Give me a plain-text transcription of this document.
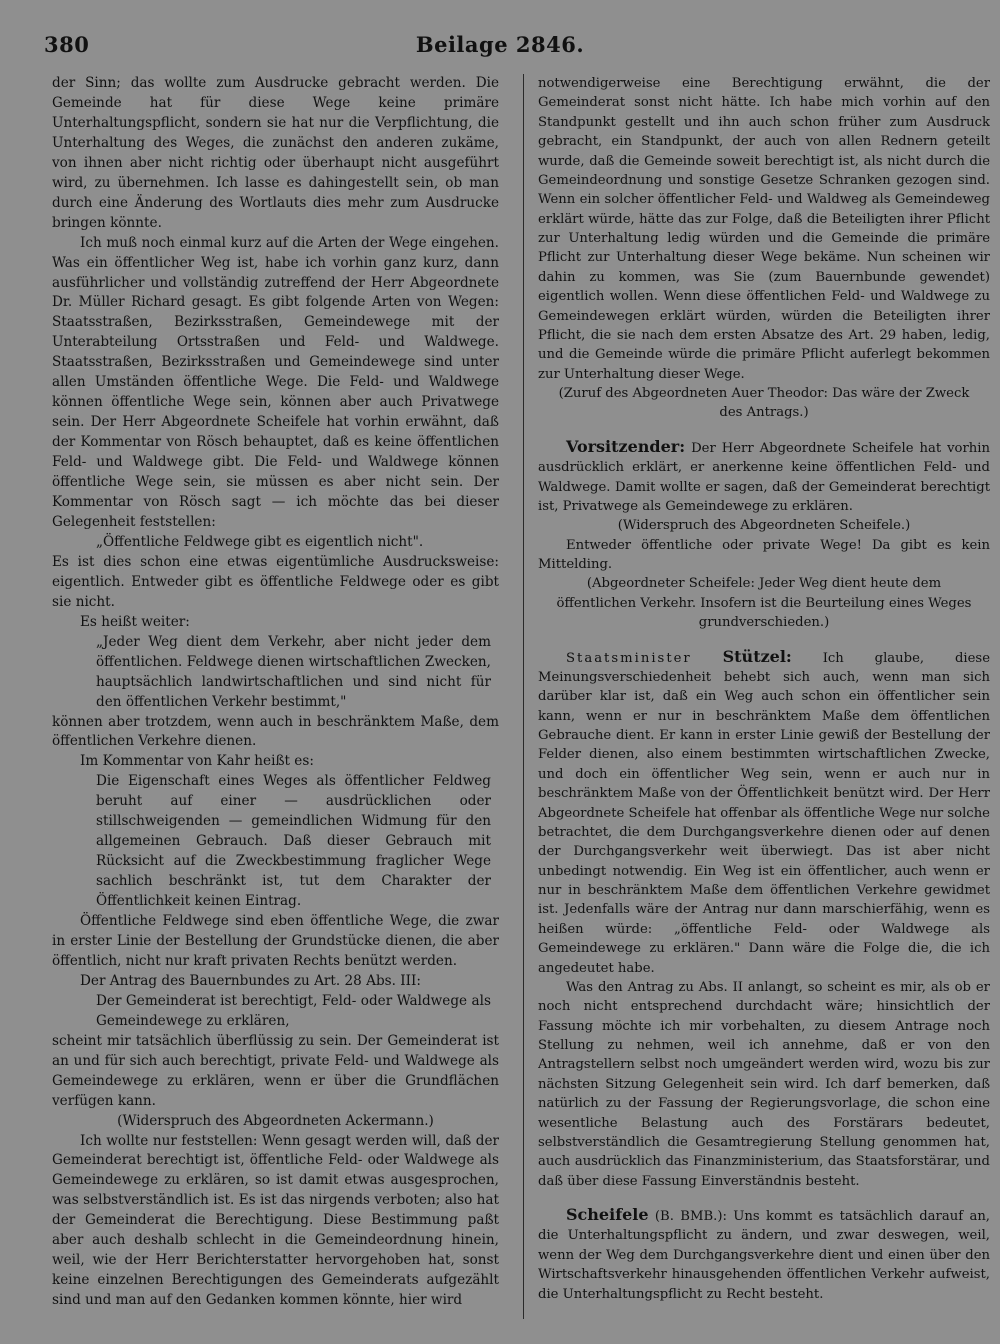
380	Beilage 2846.

der Sinn; das wollte zum Ausdrucke gebracht werden. Die Gemeinde hat für diese Wege keine primäre Unterhaltungspflicht, sondern sie hat nur die Verpflichtung, die Unterhaltung des Weges, die zunächst den anderen zukäme, von ihnen aber nicht richtig oder überhaupt nicht ausgeführt wird, zu übernehmen. Ich lasse es dahingestellt sein, ob man durch eine Änderung des Wortlauts dies mehr zum Ausdrucke bringen könnte.

Ich muß noch einmal kurz auf die Arten der Wege eingehen. Was ein öffentlicher Weg ist, habe ich vorhin ganz kurz, dann ausführlicher und vollständig zutreffend der Herr Abgeordnete Dr. Müller Richard gesagt. Es gibt folgende Arten von Wegen: Staatsstraßen, Bezirksstraßen, Gemeindewege mit der Unterabteilung Ortsstraßen und Feld- und Waldwege. Staatsstraßen, Bezirksstraßen und Gemeindewege sind unter allen Umständen öffentliche Wege. Die Feld- und Waldwege können öffentliche Wege sein, können aber auch Privatwege sein. Der Herr Abgeordnete Scheifele hat vorhin erwähnt, daß der Kommentar von Rösch behauptet, daß es keine öffentlichen Feld- und Waldwege gibt. Die Feld- und Waldwege können öffentliche Wege sein, sie müssen es aber nicht sein. Der Kommentar von Rösch sagt — ich möchte das bei dieser Gelegenheit feststellen:

„Öffentliche Feldwege gibt es eigentlich nicht".

Es ist dies schon eine etwas eigentümliche Ausdrucksweise: eigentlich. Entweder gibt es öffentliche Feldwege oder es gibt sie nicht.

Es heißt weiter:

„Jeder Weg dient dem Verkehr, aber nicht jeder dem öffentlichen. Feldwege dienen wirtschaftlichen Zwecken, hauptsächlich landwirtschaftlichen und sind nicht für den öffentlichen Verkehr bestimmt,"

können aber trotzdem, wenn auch in beschränktem Maße, dem öffentlichen Verkehre dienen.

Im Kommentar von Kahr heißt es:

Die Eigenschaft eines Weges als öffentlicher Feldweg beruht auf einer — ausdrücklichen oder stillschweigenden — gemeindlichen Widmung für den allgemeinen Gebrauch. Daß dieser Gebrauch mit Rücksicht auf die Zweckbestimmung fraglicher Wege sachlich beschränkt ist, tut dem Charakter der Öffentlichkeit keinen Eintrag.

Öffentliche Feldwege sind eben öffentliche Wege, die zwar in erster Linie der Bestellung der Grundstücke dienen, die aber öffentlich, nicht nur kraft privaten Rechts benützt werden.

Der Antrag des Bauernbundes zu Art. 28 Abs. III:

Der Gemeinderat ist berechtigt, Feld- oder Waldwege als Gemeindewege zu erklären,

scheint mir tatsächlich überflüssig zu sein. Der Gemeinderat ist an und für sich auch berechtigt, private Feld- und Waldwege als Gemeindewege zu erklären, wenn er über die Grundflächen verfügen kann.

(Widerspruch des Abgeordneten Ackermann.)

Ich wollte nur feststellen: Wenn gesagt werden will, daß der Gemeinderat berechtigt ist, öffentliche Feld- oder Waldwege als Gemeindewege zu erklären, so ist damit etwas ausgesprochen, was selbstverständlich ist. Es ist das nirgends verboten; also hat der Gemeinderat die Berechtigung. Diese Bestimmung paßt aber auch deshalb schlecht in die Gemeindeordnung hinein, weil, wie der Herr Berichterstatter hervorgehoben hat, sonst keine einzelnen Berechtigungen des Gemeinderats aufgezählt sind und man auf den Gedanken kommen könnte, hier wird

notwendigerweise eine Berechtigung erwähnt, die der Gemeinderat sonst nicht hätte. Ich habe mich vorhin auf den Standpunkt gestellt und ihn auch schon früher zum Ausdruck gebracht, ein Standpunkt, der auch von allen Rednern geteilt wurde, daß die Gemeinde soweit berechtigt ist, als nicht durch die Gemeindeordnung und sonstige Gesetze Schranken gezogen sind. Wenn ein solcher öffentlicher Feld- und Waldweg als Gemeindeweg erklärt würde, hätte das zur Folge, daß die Beteiligten ihrer Pflicht zur Unterhaltung ledig würden und die Gemeinde die primäre Pflicht zur Unterhaltung dieser Wege bekäme. Nun scheinen wir dahin zu kommen, was Sie (zum Bauernbunde gewendet) eigentlich wollen. Wenn diese öffentlichen Feld- und Waldwege zu Gemeindewegen erklärt würden, würden die Beteiligten ihrer Pflicht, die sie nach dem ersten Absatze des Art. 29 haben, ledig, und die Gemeinde würde die primäre Pflicht auferlegt bekommen zur Unterhaltung dieser Wege.

(Zuruf des Abgeordneten Auer Theodor: Das wäre der Zweck des Antrags.)

Vorsitzender: Der Herr Abgeordnete Scheifele hat vorhin ausdrücklich erklärt, er anerkenne keine öffentlichen Feld- und Waldwege. Damit wollte er sagen, daß der Gemeinderat berechtigt ist, Privatwege als Gemeindewege zu erklären.

(Widerspruch des Abgeordneten Scheifele.)

Entweder öffentliche oder private Wege! Da gibt es kein Mittelding.

(Abgeordneter Scheifele: Jeder Weg dient heute dem öffentlichen Verkehr. Insofern ist die Beurteilung eines Weges grundverschieden.)

Staatsminister Stützel: Ich glaube, diese Meinungsverschiedenheit behebt sich auch, wenn man sich darüber klar ist, daß ein Weg auch schon ein öffentlicher sein kann, wenn er nur in beschränktem Maße dem öffentlichen Gebrauche dient. Er kann in erster Linie gewiß der Bestellung der Felder dienen, also einem bestimmten wirtschaftlichen Zwecke, und doch ein öffentlicher Weg sein, wenn er auch nur in beschränktem Maße von der Öffentlichkeit benützt wird. Der Herr Abgeordnete Scheifele hat offenbar als öffentliche Wege nur solche betrachtet, die dem Durchgangsverkehre dienen oder auf denen der Durchgangsverkehr weit überwiegt. Das ist aber nicht unbedingt notwendig. Ein Weg ist ein öffentlicher, auch wenn er nur in beschränktem Maße dem öffentlichen Verkehre gewidmet ist. Jedenfalls wäre der Antrag nur dann marschierfähig, wenn es heißen würde: „öffentliche Feld- oder Waldwege als Gemeindewege zu erklären." Dann wäre die Folge die, die ich angedeutet habe.

Was den Antrag zu Abs. II anlangt, so scheint es mir, als ob er noch nicht entsprechend durchdacht wäre; hinsichtlich der Fassung möchte ich mir vorbehalten, zu diesem Antrage noch Stellung zu nehmen, weil ich annehme, daß er von den Antragstellern selbst noch umgeändert werden wird, wozu bis zur nächsten Sitzung Gelegenheit sein wird. Ich darf bemerken, daß natürlich zu der Fassung der Regierungsvorlage, die schon eine wesentliche Belastung auch des Forstärars bedeutet, selbstverständlich die Gesamtregierung Stellung genommen hat, auch ausdrücklich das Finanzministerium, das Staatsforstärar, und daß über diese Fassung Einverständnis besteht.

Scheifele (B. BMB.): Uns kommt es tatsächlich darauf an, die Unterhaltungspflicht zu ändern, und zwar deswegen, weil, wenn der Weg dem Durchgangsverkehre dient und einen über den Wirtschaftsverkehr hinausgehenden öffentlichen Verkehr aufweist, die Unterhaltungspflicht zu Recht besteht.
